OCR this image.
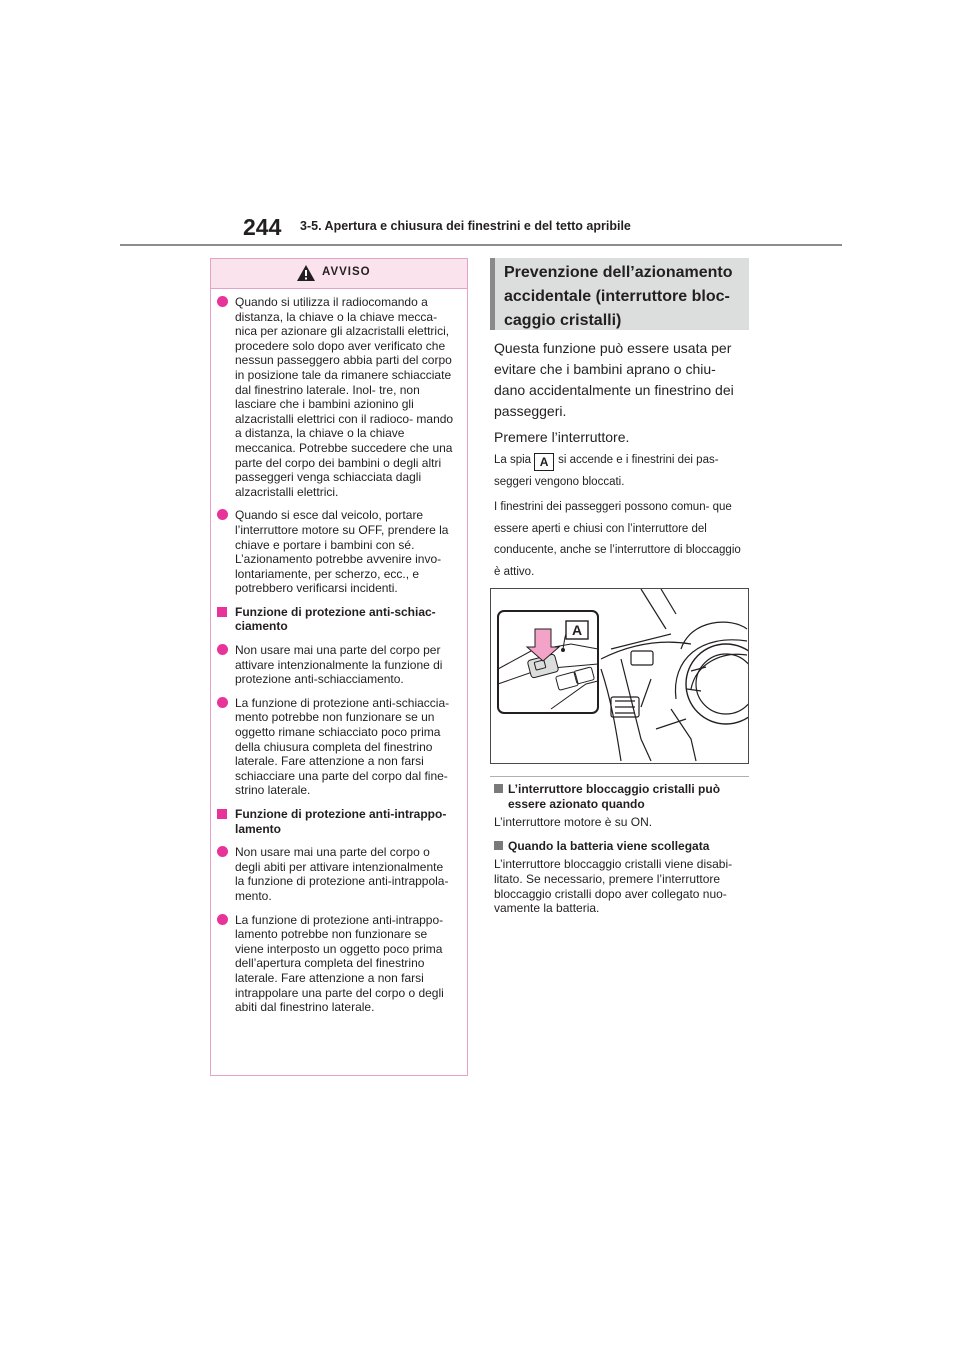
244 3-5. Apertura e chiusura dei finestrini e del tetto apribile
AVVISO
Quando si utilizza il radiocomando a distanza, la chiave o la chiave mecca- nica per azionare gli alzacristalli elettrici, procedere solo dopo aver verificato che nessun passeggero abbia parti del corpo in posizione tale da rimanere schiacciate dal finestrino laterale. Inol- tre, non lasciare che i bambini azionino gli alzacristalli elettrici con il radioco- mando a distanza, la chiave o la chiave meccanica. Potrebbe succedere che una parte del corpo dei bambini o degli altri passeggeri venga schiacciata dagli alzacristalli elettrici.
Quando si esce dal veicolo, portare l’interruttore motore su OFF, prendere la chiave e portare i bambini con sé. L’azionamento potrebbe avvenire invo- lontariamente, per scherzo, ecc., e potrebbero verificarsi incidenti.
Funzione di protezione anti-schiac- ciamento
Non usare mai una parte del corpo per attivare intenzionalmente la funzione di protezione anti-schiacciamento.
La funzione di protezione anti-schiaccia- mento potrebbe non funzionare se un oggetto rimane schiacciato poco prima della chiusura completa del finestrino laterale. Fare attenzione a non farsi schiacciare una parte del corpo dal fine- strino laterale.
Funzione di protezione anti-intrappo- lamento
Non usare mai una parte del corpo o degli abiti per attivare intenzionalmente la funzione di protezione anti-intrappola- mento.
La funzione di protezione anti-intrappo- lamento potrebbe non funzionare se viene interposto un oggetto poco prima dell’apertura completa del finestrino laterale. Fare attenzione a non farsi intrappolare una parte del corpo o degli abiti dal finestrino laterale.
Prevenzione dell’azionamento
accidentale (interruttore bloc-
caggio cristalli)

Questa funzione può essere usata per evitare che i bambini aprano o chiu- dano accidentalmente un finestrino dei passeggeri.

Premere l’interruttore.

La spia A si accende e i finestrini dei pas- seggeri vengono bloccati.

I finestrini dei passeggeri possono comun- que essere aperti e chiusi con l’interruttore del conducente, anche se l’interruttore di bloccaggio è attivo.

A
L’interruttore bloccaggio cristalli può essere azionato quando
L’interruttore motore è su ON.
Quando la batteria viene scollegata
L’interruttore bloccaggio cristalli viene disabi- litato. Se necessario, premere l’interruttore bloccaggio cristalli dopo aver collegato nuo- vamente la batteria.
